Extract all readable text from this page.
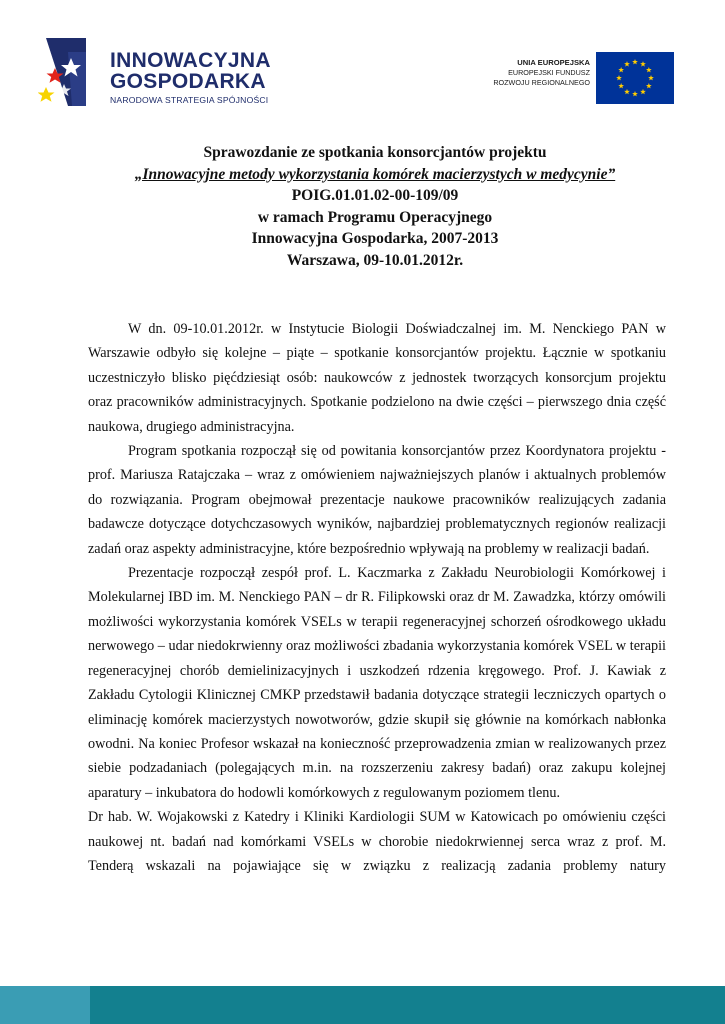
INNOWACYJNA
GOSPODARKA
NARODOWA STRATEGIA SPÓJNOŚCI
UNIA EUROPEJSKA
EUROPEJSKI FUNDUSZ
ROZWOJU REGIONALNEGO
Sprawozdanie ze spotkania konsorcjantów projektu
„Innowacyjne metody wykorzystania komórek macierzystych w medycynie”
POIG.01.01.02-00-109/09
w ramach Programu Operacyjnego
Innowacyjna Gospodarka, 2007-2013
Warszawa, 09-10.01.2012r.

W dn. 09-10.01.2012r. w Instytucie Biologii Doświadczalnej im. M. Nenckiego PAN w Warszawie odbyło się kolejne – piąte – spotkanie konsorcjantów projektu. Łącznie w spotkaniu uczestniczyło blisko pięćdziesiąt osób: naukowców z jednostek tworzących konsorcjum projektu oraz pracowników administracyjnych. Spotkanie podzielono na dwie części – pierwszego dnia część naukowa, drugiego administracyjna.

Program spotkania rozpoczął się od powitania konsorcjantów przez Koordynatora projektu - prof. Mariusza Ratajczaka – wraz z omówieniem najważniejszych planów i aktualnych problemów do rozwiązania. Program obejmował prezentacje naukowe pracowników realizujących zadania badawcze dotyczące dotychczasowych wyników, najbardziej problematycznych regionów realizacji zadań oraz aspekty administracyjne, które bezpośrednio wpływają na problemy w realizacji badań.

Prezentacje rozpoczął zespół prof. L. Kaczmarka z Zakładu Neurobiologii Komórkowej i Molekularnej IBD im. M. Nenckiego PAN – dr R. Filipkowski oraz dr M. Zawadzka, którzy omówili możliwości wykorzystania komórek VSELs w terapii regeneracyjnej schorzeń ośrodkowego układu nerwowego – udar niedokrwienny oraz możliwości zbadania wykorzystania komórek VSEL w terapii regeneracyjnej chorób demielinizacyjnych i uszkodzeń rdzenia kręgowego. Prof. J. Kawiak z Zakładu Cytologii Klinicznej CMKP przedstawił badania dotyczące strategii leczniczych opartych o eliminację komórek macierzystych nowotworów, gdzie skupił się głównie na komórkach nabłonka owodni. Na koniec Profesor wskazał na konieczność przeprowadzenia zmian w realizowanych przez siebie podzadaniach (polegających m.in. na rozszerzeniu zakresy badań) oraz zakupu kolejnej aparatury – inkubatora do hodowli komórkowych z regulowanym poziomem tlenu.

Dr hab. W. Wojakowski z Katedry i Kliniki Kardiologii SUM w Katowicach po omówieniu części naukowej nt. badań nad komórkami VSELs w chorobie niedokrwiennej serca wraz z prof. M. Tenderą wskazali na pojawiające się w związku z realizacją zadania problemy natury
